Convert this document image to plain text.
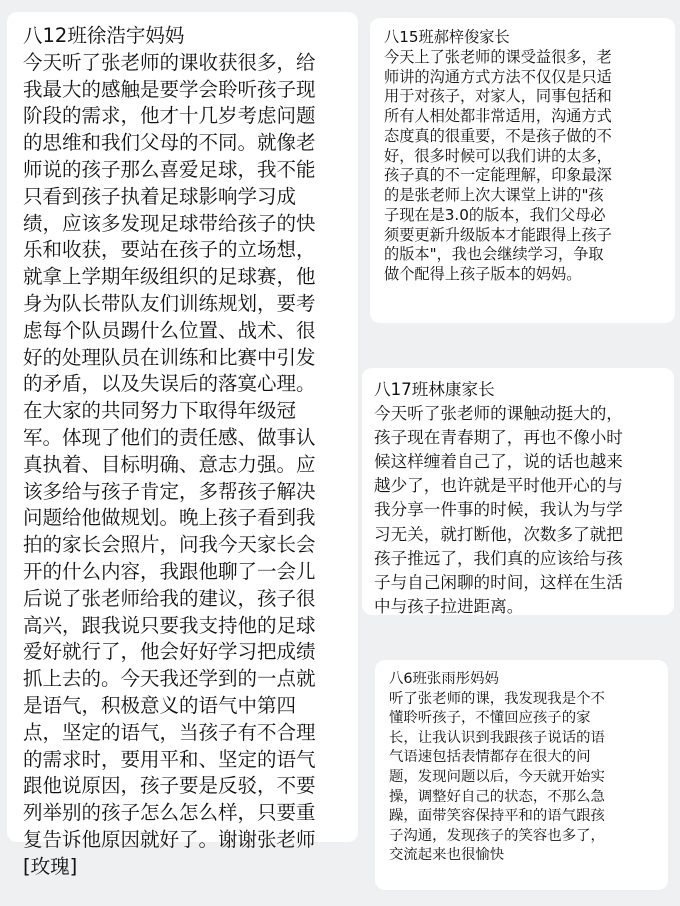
八12班徐浩宇妈妈
今天听了张老师的课收获很多，给
我最大的感触是要学会聆听孩子现
阶段的需求，他才十几岁考虑问题
的思维和我们父母的不同。就像老
师说的孩子那么喜爱足球，我不能
只看到孩子执着足球影响学习成
绩，应该多发现足球带给孩子的快
乐和收获，要站在孩子的立场想，
就拿上学期年级组织的足球赛，他
身为队长带队友们训练规划，要考
虑每个队员踢什么位置、战术、很
好的处理队员在训练和比赛中引发
的矛盾，以及失误后的落寞心理。
在大家的共同努力下取得年级冠
军。体现了他们的责任感、做事认
真执着、目标明确、意志力强。应
该多给与孩子肯定，多帮孩子解决
问题给他做规划。晚上孩子看到我
拍的家长会照片，问我今天家长会
开的什么内容，我跟他聊了一会儿
后说了张老师给我的建议，孩子很
高兴，跟我说只要我支持他的足球
爱好就行了，他会好好学习把成绩
抓上去的。今天我还学到的一点就
是语气，积极意义的语气中第四
点，坚定的语气，当孩子有不合理
的需求时，要用平和、坚定的语气
跟他说原因，孩子要是反驳，不要
列举别的孩子怎么怎么样，只要重
复告诉他原因就好了。谢谢张老师
[玫瑰]
八15班郝梓俊家长
今天上了张老师的课受益很多，老
师讲的沟通方式方法不仅仅是只适
用于对孩子，对家人，同事包括和
所有人相处都非常适用，沟通方式
态度真的很重要，不是孩子做的不
好，很多时候可以我们讲的太多，
孩子真的不一定能理解，印象最深
的是张老师上次大课堂上讲的"孩
子现在是3.0的版本，我们父母必
须要更新升级版本才能跟得上孩子
的版本"，我也会继续学习，争取
做个配得上孩子版本的妈妈。
八17班林康家长
今天听了张老师的课触动挺大的，
孩子现在青春期了，再也不像小时
候这样缠着自己了，说的话也越来
越少了，也许就是平时他开心的与
我分享一件事的时候，我认为与学
习无关，就打断他，次数多了就把
孩子推远了，我们真的应该给与孩
子与自己闲聊的时间，这样在生活
中与孩子拉进距离。
八6班张雨彤妈妈
听了张老师的课，我发现我是个不
懂聆听孩子，不懂回应孩子的家
长，让我认识到我跟孩子说话的语
气语速包括表情都存在很大的问
题，发现问题以后，今天就开始实
操，调整好自己的状态，不那么急
躁，面带笑容保持平和的语气跟孩
子沟通，发现孩子的笑容也多了，
交流起来也很愉快
